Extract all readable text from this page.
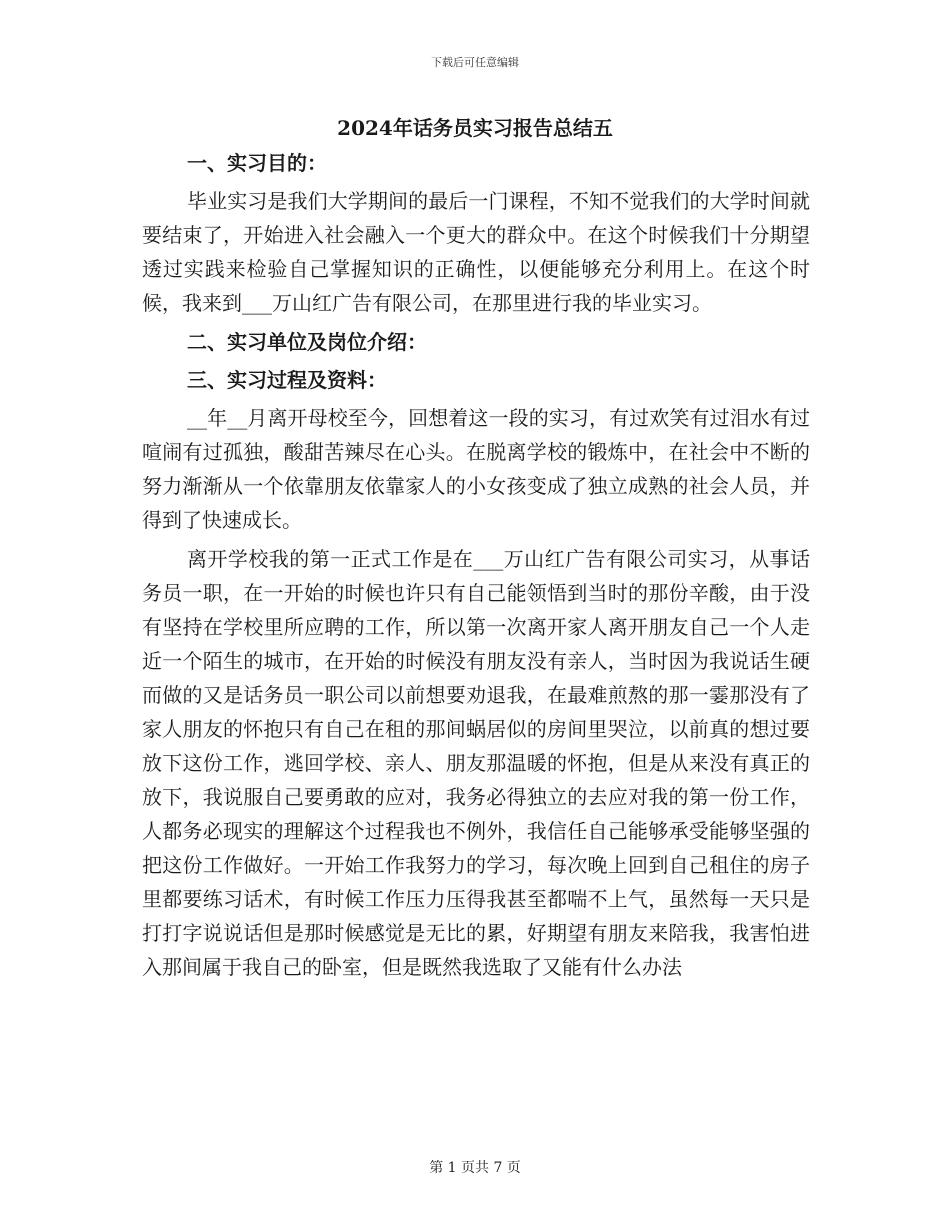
下载后可任意编辑
2024年话务员实习报告总结五
一、实习目的：

毕业实习是我们大学期间的最后一门课程，不知不觉我们的大学时间就要结束了，开始进入社会融入一个更大的群众中。在这个时候我们十分期望透过实践来检验自己掌握知识的正确性，以便能够充分利用上。在这个时候，我来到___万山红广告有限公司，在那里进行我的毕业实习。

二、实习单位及岗位介绍：
三、实习过程及资料：

__年__月离开母校至今，回想着这一段的实习，有过欢笑有过泪水有过喧闹有过孤独，酸甜苦辣尽在心头。在脱离学校的锻炼中，在社会中不断的努力渐渐从一个依靠朋友依靠家人的小女孩变成了独立成熟的社会人员，并得到了快速成长。

离开学校我的第一正式工作是在___万山红广告有限公司实习，从事话务员一职，在一开始的时候也许只有自己能领悟到当时的那份辛酸，由于没有坚持在学校里所应聘的工作，所以第一次离开家人离开朋友自己一个人走近一个陌生的城市，在开始的时候没有朋友没有亲人，当时因为我说话生硬而做的又是话务员一职公司以前想要劝退我，在最难煎熬的那一霎那没有了家人朋友的怀抱只有自己在租的那间蜗居似的房间里哭泣，以前真的想过要放下这份工作，逃回学校、亲人、朋友那温暖的怀抱，但是从来没有真正的放下，我说服自己要勇敢的应对，我务必得独立的去应对我的第一份工作，人都务必现实的理解这个过程我也不例外，我信任自己能够承受能够坚强的把这份工作做好。一开始工作我努力的学习，每次晚上回到自己租住的房子里都要练习话术，有时候工作压力压得我甚至都喘不上气，虽然每一天只是打打字说说话但是那时候感觉是无比的累，好期望有朋友来陪我，我害怕进入那间属于我自己的卧室，但是既然我选取了又能有什么办法

第 1 页共 7 页
